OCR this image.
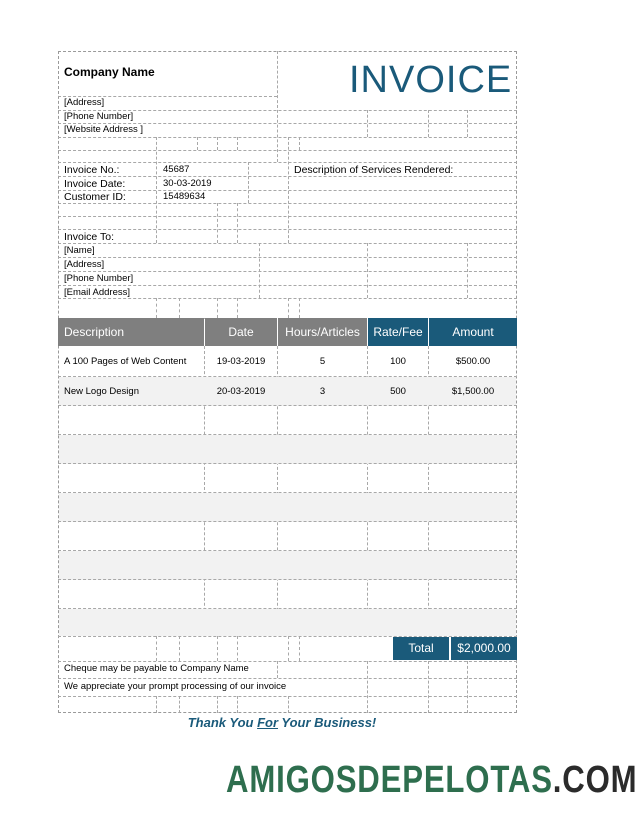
Company Name
[Address]
[Phone Number]
[Website Address ]
INVOICE
Invoice No.:	45687
Invoice Date:	30-03-2019
Customer ID:	15489634
Description of Services Rendered:
Invoice To:
[Name]
[Address]
[Phone Number]
[Email Address]
Description	Date	Hours/Articles	Rate/Fee	Amount
A 100 Pages of Web Content	19-03-2019	5	100	$500.00
New Logo Design	20-03-2019	3	500	$1,500.00
Total	$2,000.00
Cheque may be payable to Company Name
We appreciate your prompt processing of our invoice
Thank You For Your Business!
AMIGOSDEPELOTAS.COM
